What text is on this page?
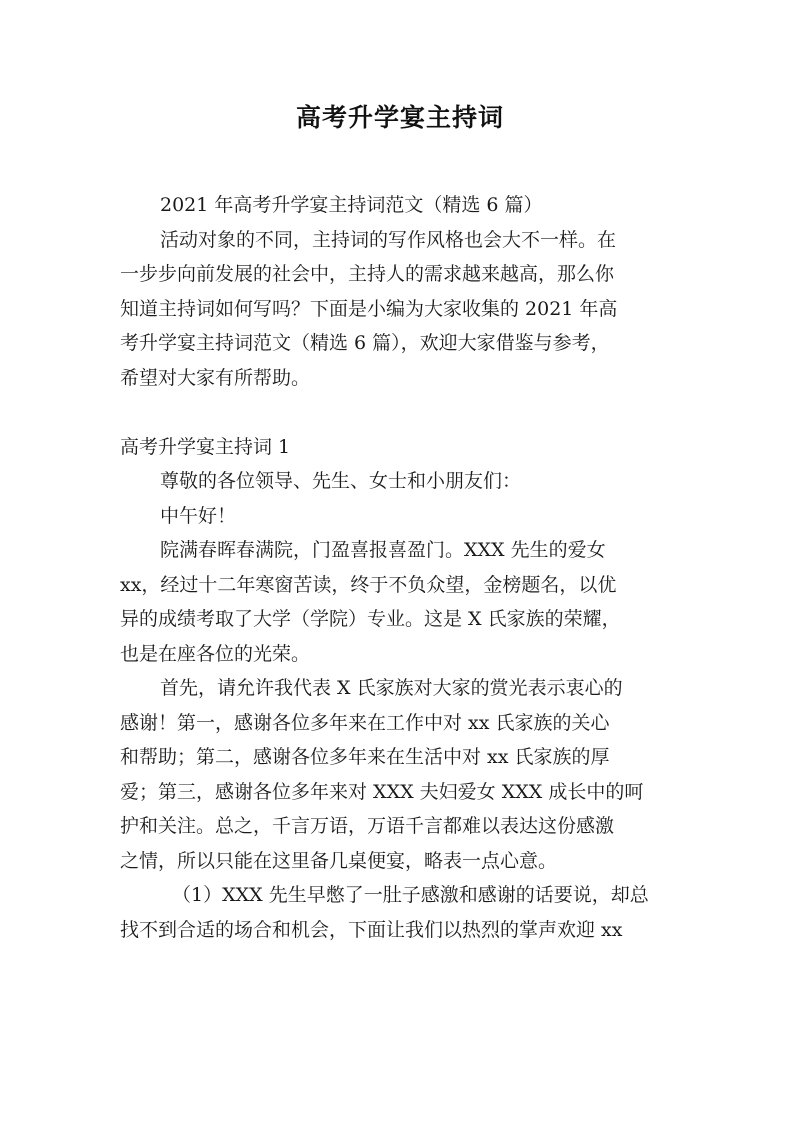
高考升学宴主持词
2021 年高考升学宴主持词范文（精选 6 篇）
活动对象的不同，主持词的写作风格也会大不一样。在
一步步向前发展的社会中，主持人的需求越来越高，那么你
知道主持词如何写吗？下面是小编为大家收集的 2021 年高
考升学宴主持词范文（精选 6 篇），欢迎大家借鉴与参考，
希望对大家有所帮助。
高考升学宴主持词 1
尊敬的各位领导、先生、女士和小朋友们：
中午好！
院满春晖春满院，门盈喜报喜盈门。XXX 先生的爱女
xx，经过十二年寒窗苦读，终于不负众望，金榜题名，以优
异的成绩考取了大学（学院）专业。这是 X 氏家族的荣耀，
也是在座各位的光荣。
首先，请允许我代表 X 氏家族对大家的赏光表示衷心的
感谢！第一，感谢各位多年来在工作中对 xx 氏家族的关心
和帮助；第二，感谢各位多年来在生活中对 xx 氏家族的厚
爱；第三，感谢各位多年来对 XXX 夫妇爱女 XXX 成长中的呵
护和关注。总之，千言万语，万语千言都难以表达这份感激
之情，所以只能在这里备几桌便宴，略表一点心意。
（1）XXX 先生早憋了一肚子感激和感谢的话要说，却总
找不到合适的场合和机会，下面让我们以热烈的掌声欢迎 xx
